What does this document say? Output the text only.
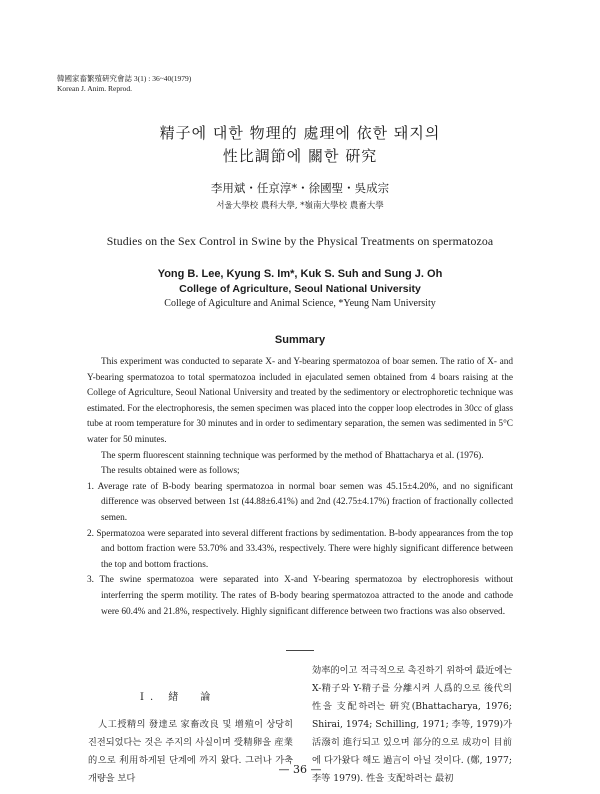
韓國家畜繁殖硏究會誌 3(1) : 36~40(1979)
Korean J. Anim. Reprod.
精子에 대한 物理的 處理에 依한 돼지의
性比調節에 關한 硏究
李用斌・任京淳*・徐國聖・吳成宗
서울大學校 農科大學, *嶺南大學校 農畜大學
Studies on the Sex Control in Swine by the Physical Treatments on spermatozoa
Yong B. Lee, Kyung S. Im*, Kuk S. Suh and Sung J. Oh
College of Agriculture, Seoul National University
College of Agiculture and Animal Science, *Yeung Nam University
Summary

This experiment was conducted to separate X- and Y-bearing spermatozoa of boar semen. The ratio of X- and Y-bearing spermatozoa to total spermatozoa included in ejaculated semen obtained from 4 boars raising at the College of Agriculture, Seoul National University and treated by the sedimentory or electrophoretic technique was estimated. For the electrophoresis, the semen specimen was placed into the copper loop electrodes in 30cc of glass tube at room temperature for 30 minutes and in order to sedimentary separation, the semen was sedimented in 5°C water for 50 minutes.

The sperm fluorescent stainning technique was performed by the method of Bhattacharya et al. (1976).

The results obtained were as follows;

1. Average rate of B-body bearing spermatozoa in normal boar semen was 45.15±4.20%, and no significant difference was observed between 1st (44.88±6.41%) and 2nd (42.75±4.17%) fraction of fractionally collected semen.

2. Spermatozoa were separated into several different fractions by sedimentation. B-body appearances from the top and bottom fraction were 53.70% and 33.43%, respectively. There were highly significant difference between the top and bottom fractions.

3. The swine spermatozoa were separated into X-and Y-bearing spermatozoa by electrophoresis without interferring the sperm motility. The rates of B-body bearing spermatozoa attracted to the anode and cathode were 60.4% and 21.8%, respectively. Highly significant difference between two fractions was also observed.

Ⅰ. 緖　論

人工授精의 發達로 家畜改良 및 增殖이 상당히 진전되었다는 것은 주지의 사실이며 受精卵을 産業的으로 利用하게된 단계에 까지 왔다. 그러나 가축개량을 보다

効率的이고 적극적으로 촉진하기 위하여 最近에는 X-精子와 Y-精子를 分離시켜 人爲的으로 後代의 性을 支配하려는 硏究(Bhattacharya, 1976; Shirai, 1974; Schilling, 1971; 李等, 1979)가 活潑히 進行되고 있으며 部分的으로 成功이 目前에 다가왔다 해도 過言이 아닐 것이다. (鄭, 1977; 李等 1979). 性을 支配하려는 最初

— 36 —
